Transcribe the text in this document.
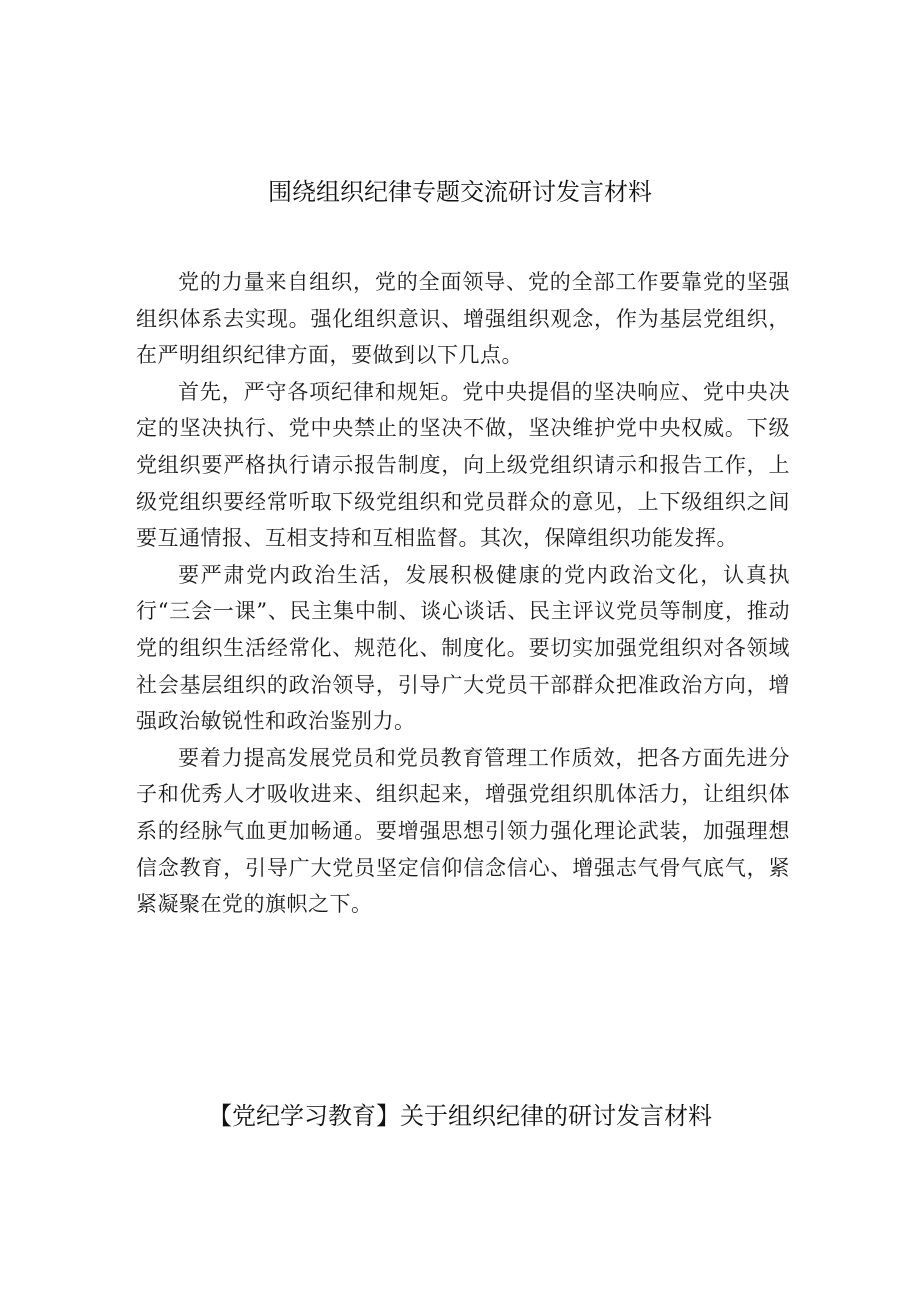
围绕组织纪律专题交流研讨发言材料

党的力量来自组织，党的全面领导、党的全部工作要靠党的坚强组织体系去实现。强化组织意识、增强组织观念，作为基层党组织，在严明组织纪律方面，要做到以下几点。

首先，严守各项纪律和规矩。党中央提倡的坚决响应、党中央决定的坚决执行、党中央禁止的坚决不做，坚决维护党中央权威。下级党组织要严格执行请示报告制度，向上级党组织请示和报告工作，上级党组织要经常听取下级党组织和党员群众的意见，上下级组织之间要互通情报、互相支持和互相监督。其次，保障组织功能发挥。

要严肃党内政治生活，发展积极健康的党内政治文化，认真执行“三会一课”、民主集中制、谈心谈话、民主评议党员等制度，推动党的组织生活经常化、规范化、制度化。要切实加强党组织对各领域社会基层组织的政治领导，引导广大党员干部群众把准政治方向，增强政治敏锐性和政治鉴别力。

要着力提高发展党员和党员教育管理工作质效，把各方面先进分子和优秀人才吸收进来、组织起来，增强党组织肌体活力，让组织体系的经脉气血更加畅通。要增强思想引领力强化理论武装，加强理想信念教育，引导广大党员坚定信仰信念信心、增强志气骨气底气，紧紧凝聚在党的旗帜之下。

【党纪学习教育】关于组织纪律的研讨发言材料
